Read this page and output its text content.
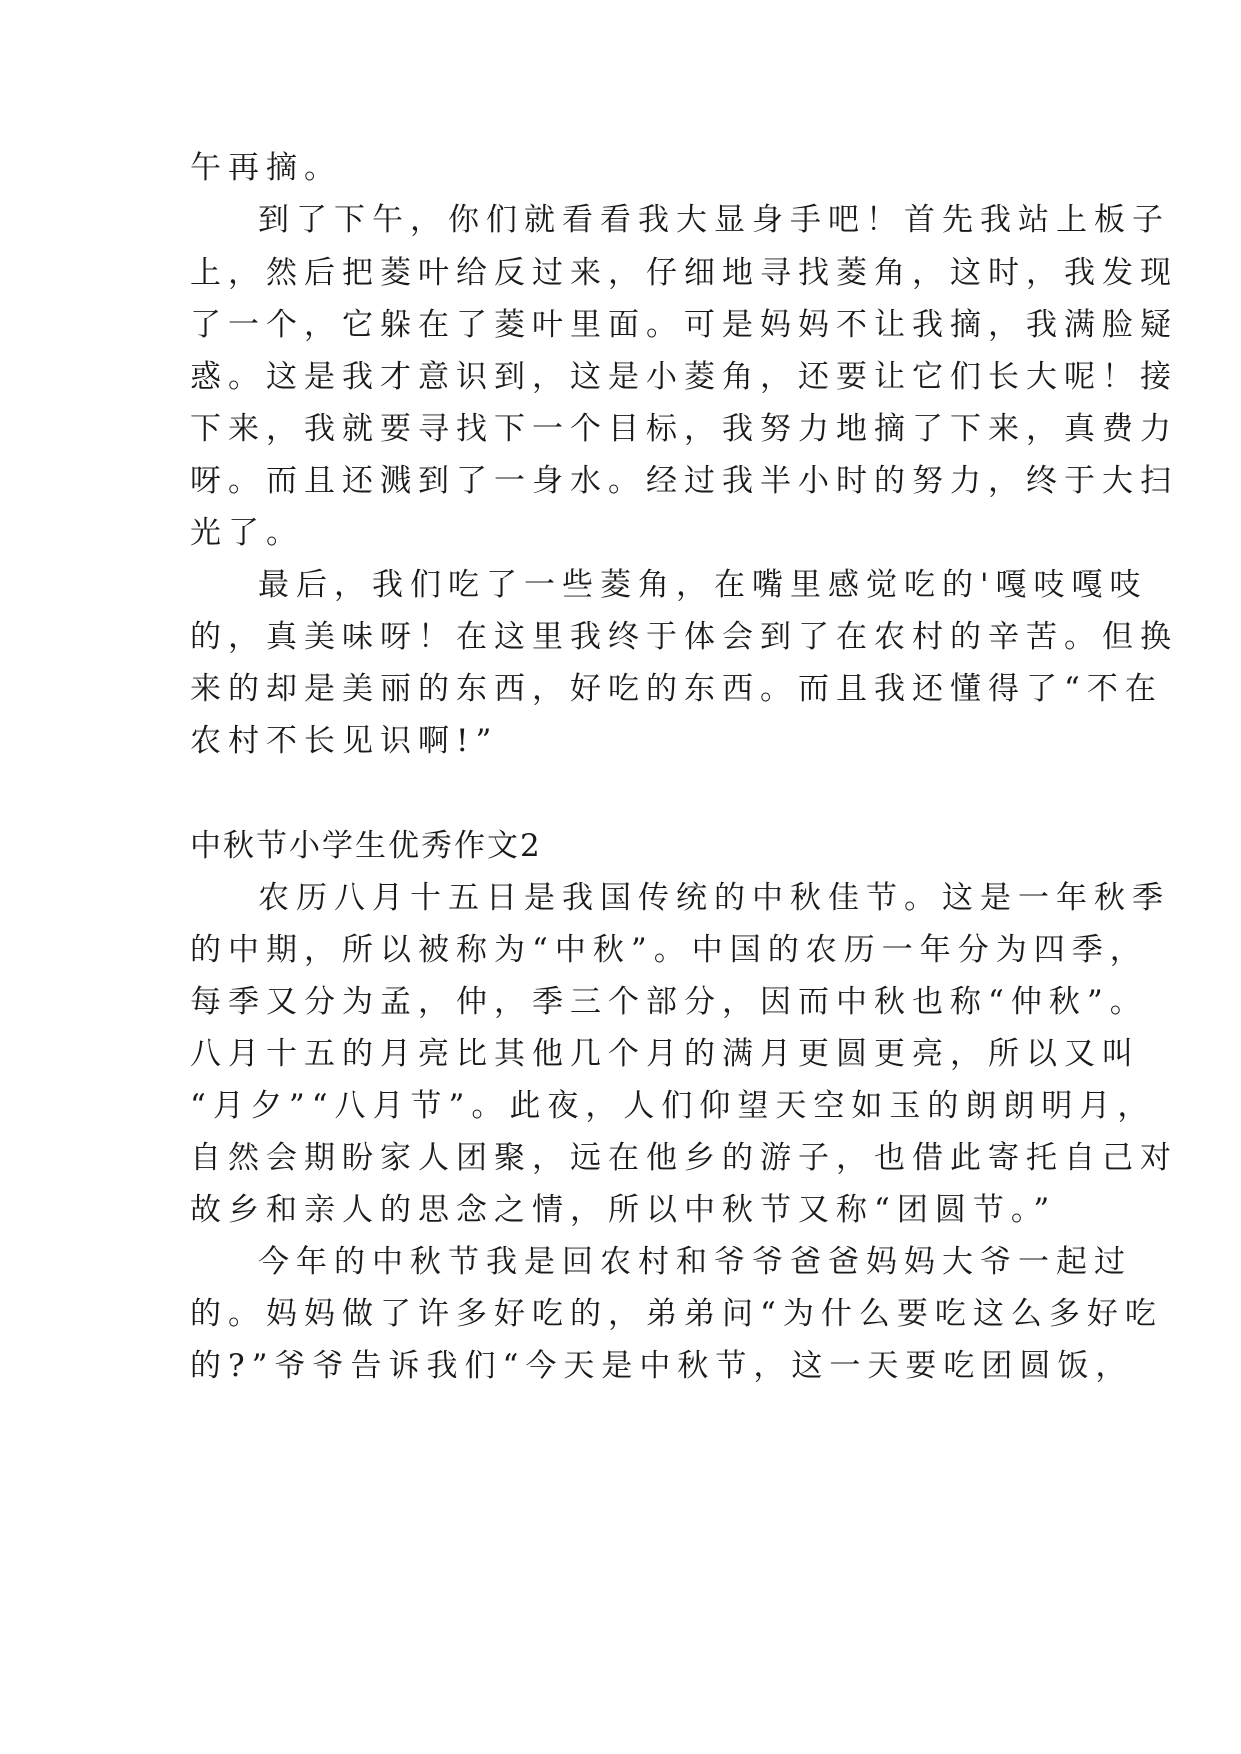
午再摘。
到了下午，你们就看看我大显身手吧！首先我站上板子
上，然后把菱叶给反过来，仔细地寻找菱角，这时，我发现
了一个，它躲在了菱叶里面。可是妈妈不让我摘，我满脸疑
惑。这是我才意识到，这是小菱角，还要让它们长大呢！接
下来，我就要寻找下一个目标，我努力地摘了下来，真费力
呀。而且还溅到了一身水。经过我半小时的努力，终于大扫
光了。
最后，我们吃了一些菱角，在嘴里感觉吃的'嘎吱嘎吱
的，真美味呀！在这里我终于体会到了在农村的辛苦。但换
来的却是美丽的东西，好吃的东西。而且我还懂得了“不在
农村不长见识啊!”
中秋节小学生优秀作文2
农历八月十五日是我国传统的中秋佳节。这是一年秋季
的中期，所以被称为“中秋”。中国的农历一年分为四季，
每季又分为孟，仲，季三个部分，因而中秋也称“仲秋”。
八月十五的月亮比其他几个月的满月更圆更亮，所以又叫
“月夕”“八月节”。此夜，人们仰望天空如玉的朗朗明月，
自然会期盼家人团聚，远在他乡的游子，也借此寄托自己对
故乡和亲人的思念之情，所以中秋节又称“团圆节。”
今年的中秋节我是回农村和爷爷爸爸妈妈大爷一起过
的。妈妈做了许多好吃的，弟弟问“为什么要吃这么多好吃
的?”爷爷告诉我们“今天是中秋节，这一天要吃团圆饭，
